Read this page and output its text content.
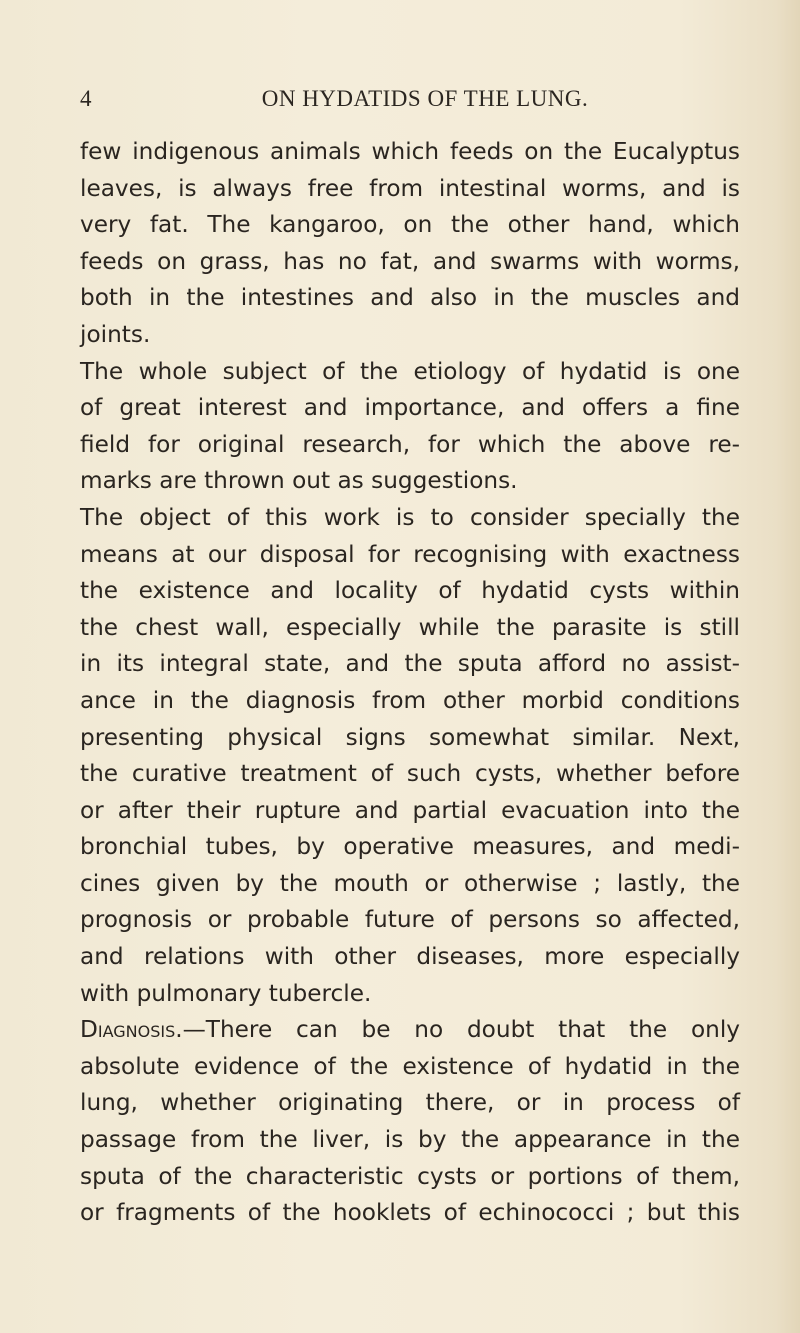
4	ON HYDATIDS OF THE LUNG.
few indigenous animals which feeds on the Eucalyptus
leaves, is always free from intestinal worms, and is
very fat. The kangaroo, on the other hand, which
feeds on grass, has no fat, and swarms with worms,
both in the intestines and also in the muscles and
joints.
The whole subject of the etiology of hydatid is one
of great interest and importance, and offers a fine
field for original research, for which the above re-
marks are thrown out as suggestions.
The object of this work is to consider specially the
means at our disposal for recognising with exactness
the existence and locality of hydatid cysts within
the chest wall, especially while the parasite is still
in its integral state, and the sputa afford no assist-
ance in the diagnosis from other morbid conditions
presenting physical signs somewhat similar. Next,
the curative treatment of such cysts, whether before
or after their rupture and partial evacuation into the
bronchial tubes, by operative measures, and medi-
cines given by the mouth or otherwise ; lastly, the
prognosis or probable future of persons so affected,
and relations with other diseases, more especially
with pulmonary tubercle.
Diagnosis.—There can be no doubt that the only
absolute evidence of the existence of hydatid in the
lung, whether originating there, or in process of
passage from the liver, is by the appearance in the
sputa of the characteristic cysts or portions of them,
or fragments of the hooklets of echinococci ; but this
